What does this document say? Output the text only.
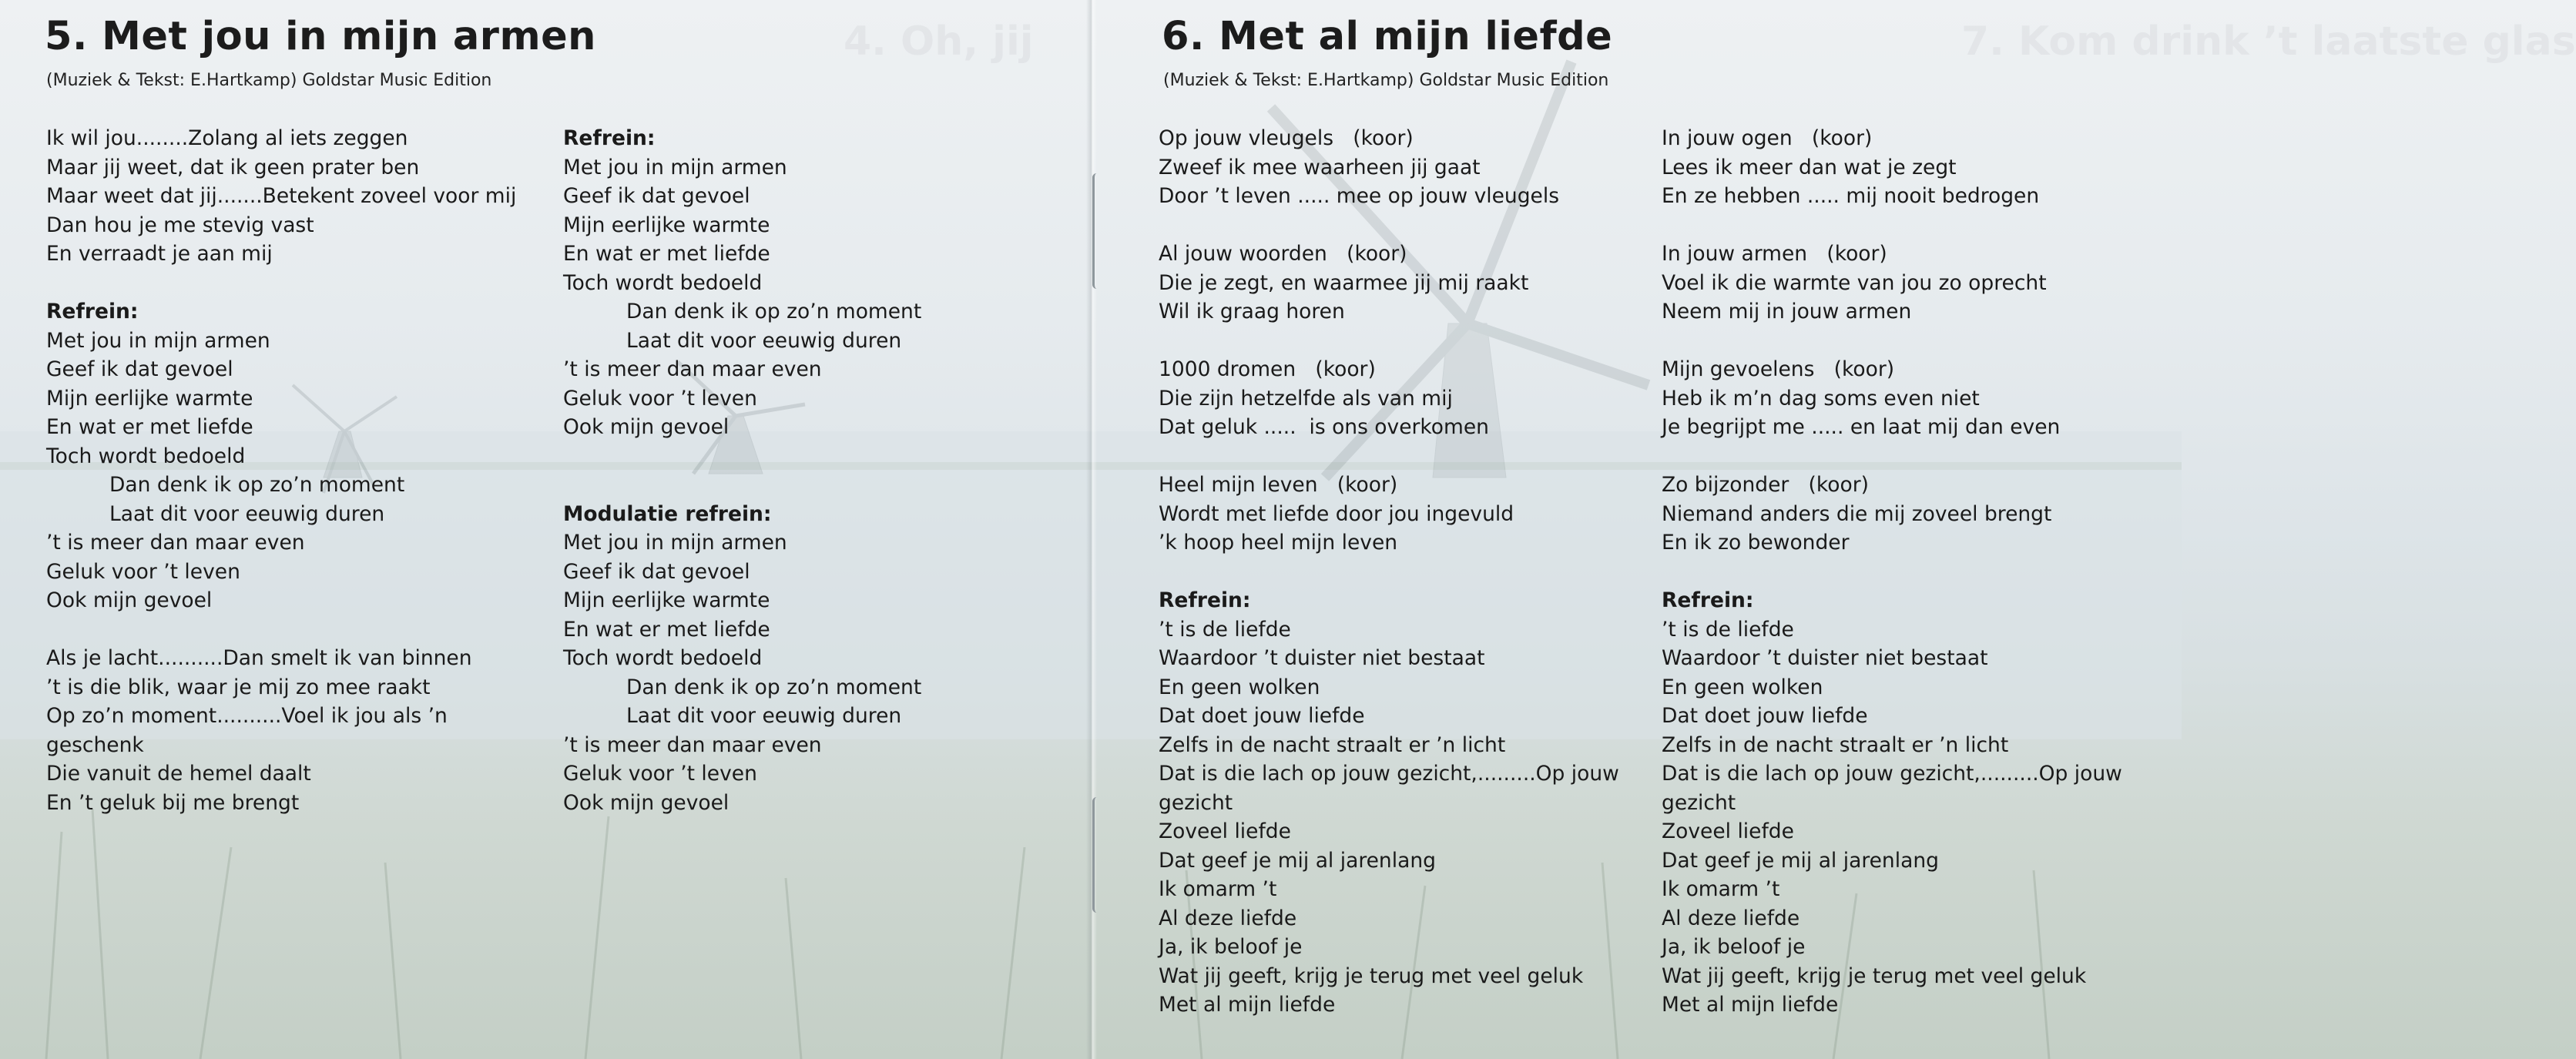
4. Oh, jij
5. Met jou in mijn armen
(Muziek & Tekst: E.Hartkamp) Goldstar Music Edition
Ik wil jou........Zolang al iets zeggen
Maar jij weet, dat ik geen prater ben
Maar weet dat jij.......Betekent zoveel voor mij
Dan hou je me stevig vast
En verraadt je aan mij
Refrein:
Met jou in mijn armen
Geef ik dat gevoel
Mijn eerlijke warmte
En wat er met liefde
Toch wordt bedoeld
Dan denk ik op zo’n moment
Laat dit voor eeuwig duren
’t is meer dan maar even
Geluk voor ’t leven
Ook mijn gevoel
Als je lacht..........Dan smelt ik van binnen
’t is die blik, waar je mij zo mee raakt
Op zo’n moment..........Voel ik jou als ’n
geschenk
Die vanuit de hemel daalt
En ’t geluk bij me brengt
Refrein:
Met jou in mijn armen
Geef ik dat gevoel
Mijn eerlijke warmte
En wat er met liefde
Toch wordt bedoeld
Dan denk ik op zo’n moment
Laat dit voor eeuwig duren
’t is meer dan maar even
Geluk voor ’t leven
Ook mijn gevoel
Modulatie refrein:
Met jou in mijn armen
Geef ik dat gevoel
Mijn eerlijke warmte
En wat er met liefde
Toch wordt bedoeld
Dan denk ik op zo’n moment
Laat dit voor eeuwig duren
’t is meer dan maar even
Geluk voor ’t leven
Ook mijn gevoel
7. Kom drink ’t laatste glas
6. Met al mijn liefde
(Muziek & Tekst: E.Hartkamp) Goldstar Music Edition
Op jouw vleugels   (koor)
Zweef ik mee waarheen jij gaat
Door ’t leven ..... mee op jouw vleugels
Al jouw woorden   (koor)
Die je zegt, en waarmee jij mij raakt
Wil ik graag horen
1000 dromen   (koor)
Die zijn hetzelfde als van mij
Dat geluk .....  is ons overkomen
Heel mijn leven   (koor)
Wordt met liefde door jou ingevuld
’k hoop heel mijn leven
Refrein:
’t is de liefde
Waardoor ’t duister niet bestaat
En geen wolken
Dat doet jouw liefde
Zelfs in de nacht straalt er ’n licht
Dat is die lach op jouw gezicht,.........Op jouw
gezicht
Zoveel liefde
Dat geef je mij al jarenlang
Ik omarm ’t
Al deze liefde
Ja, ik beloof je
Wat jij geeft, krijg je terug met veel geluk
Met al mijn liefde
In jouw ogen   (koor)
Lees ik meer dan wat je zegt
En ze hebben ..... mij nooit bedrogen
In jouw armen   (koor)
Voel ik die warmte van jou zo oprecht
Neem mij in jouw armen
Mijn gevoelens   (koor)
Heb ik m’n dag soms even niet
Je begrijpt me ..... en laat mij dan even
Zo bijzonder   (koor)
Niemand anders die mij zoveel brengt
En ik zo bewonder
Refrein:
’t is de liefde
Waardoor ’t duister niet bestaat
En geen wolken
Dat doet jouw liefde
Zelfs in de nacht straalt er ’n licht
Dat is die lach op jouw gezicht,.........Op jouw
gezicht
Zoveel liefde
Dat geef je mij al jarenlang
Ik omarm ’t
Al deze liefde
Ja, ik beloof je
Wat jij geeft, krijg je terug met veel geluk
Met al mijn liefde
